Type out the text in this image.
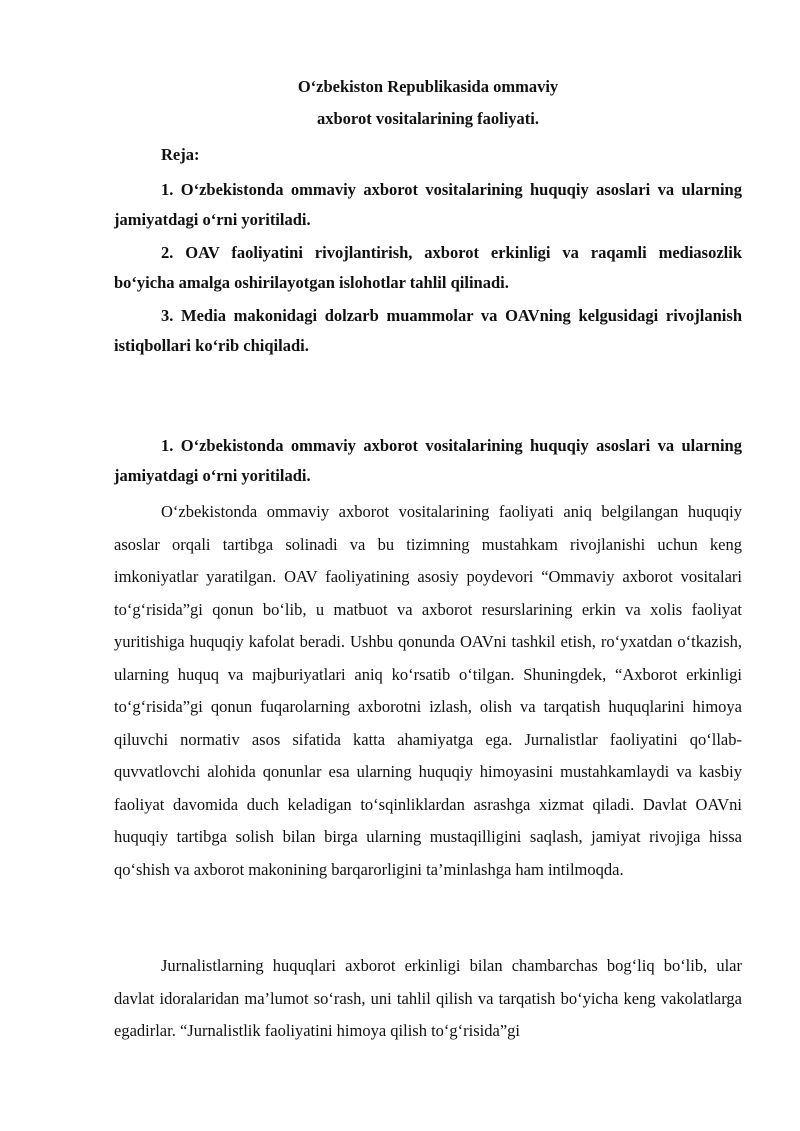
O‘zbekiston Republikasida ommaviy
axborot vositalarining faoliyati.
Reja:
1. O‘zbekistonda ommaviy axborot vositalarining huquqiy asoslari va ularning jamiyatdagi o‘rni yoritiladi.
2. OAV faoliyatini rivojlantirish, axborot erkinligi va raqamli mediasozlik bo‘yicha amalga oshirilayotgan islohotlar tahlil qilinadi.
3. Media makonidagi dolzarb muammolar va OAVning kelgusidagi rivojlanish istiqbollari ko‘rib chiqiladi.
1. O‘zbekistonda ommaviy axborot vositalarining huquqiy asoslari va ularning jamiyatdagi o‘rni yoritiladi.
O‘zbekistonda ommaviy axborot vositalarining faoliyati aniq belgilangan huquqiy asoslar orqali tartibga solinadi va bu tizimning mustahkam rivojlanishi uchun keng imkoniyatlar yaratilgan. OAV faoliyatining asosiy poydevori “Ommaviy axborot vositalari to‘g‘risida”gi qonun bo‘lib, u matbuot va axborot resurslarining erkin va xolis faoliyat yuritishiga huquqiy kafolat beradi. Ushbu qonunda OAVni tashkil etish, ro‘yxatdan o‘tkazish, ularning huquq va majburiyatlari aniq ko‘rsatib o‘tilgan. Shuningdek, “Axborot erkinligi to‘g‘risida”gi qonun fuqarolarning axborotni izlash, olish va tarqatish huquqlarini himoya qiluvchi normativ asos sifatida katta ahamiyatga ega. Jurnalistlar faoliyatini qo‘llab-quvvatlovchi alohida qonunlar esa ularning huquqiy himoyasini mustahkamlaydi va kasbiy faoliyat davomida duch keladigan to‘sqinliklardan asrashga xizmat qiladi. Davlat OAVni huquqiy tartibga solish bilan birga ularning mustaqilligini saqlash, jamiyat rivojiga hissa qo‘shish va axborot makonining barqarorligini ta’minlashga ham intilmoqda.
Jurnalistlarning huquqlari axborot erkinligi bilan chambarchas bog‘liq bo‘lib, ular davlat idoralaridan ma’lumot so‘rash, uni tahlil qilish va tarqatish bo‘yicha keng vakolatlarga egadirlar. “Jurnalistlik faoliyatini himoya qilish to‘g‘risida”gi
